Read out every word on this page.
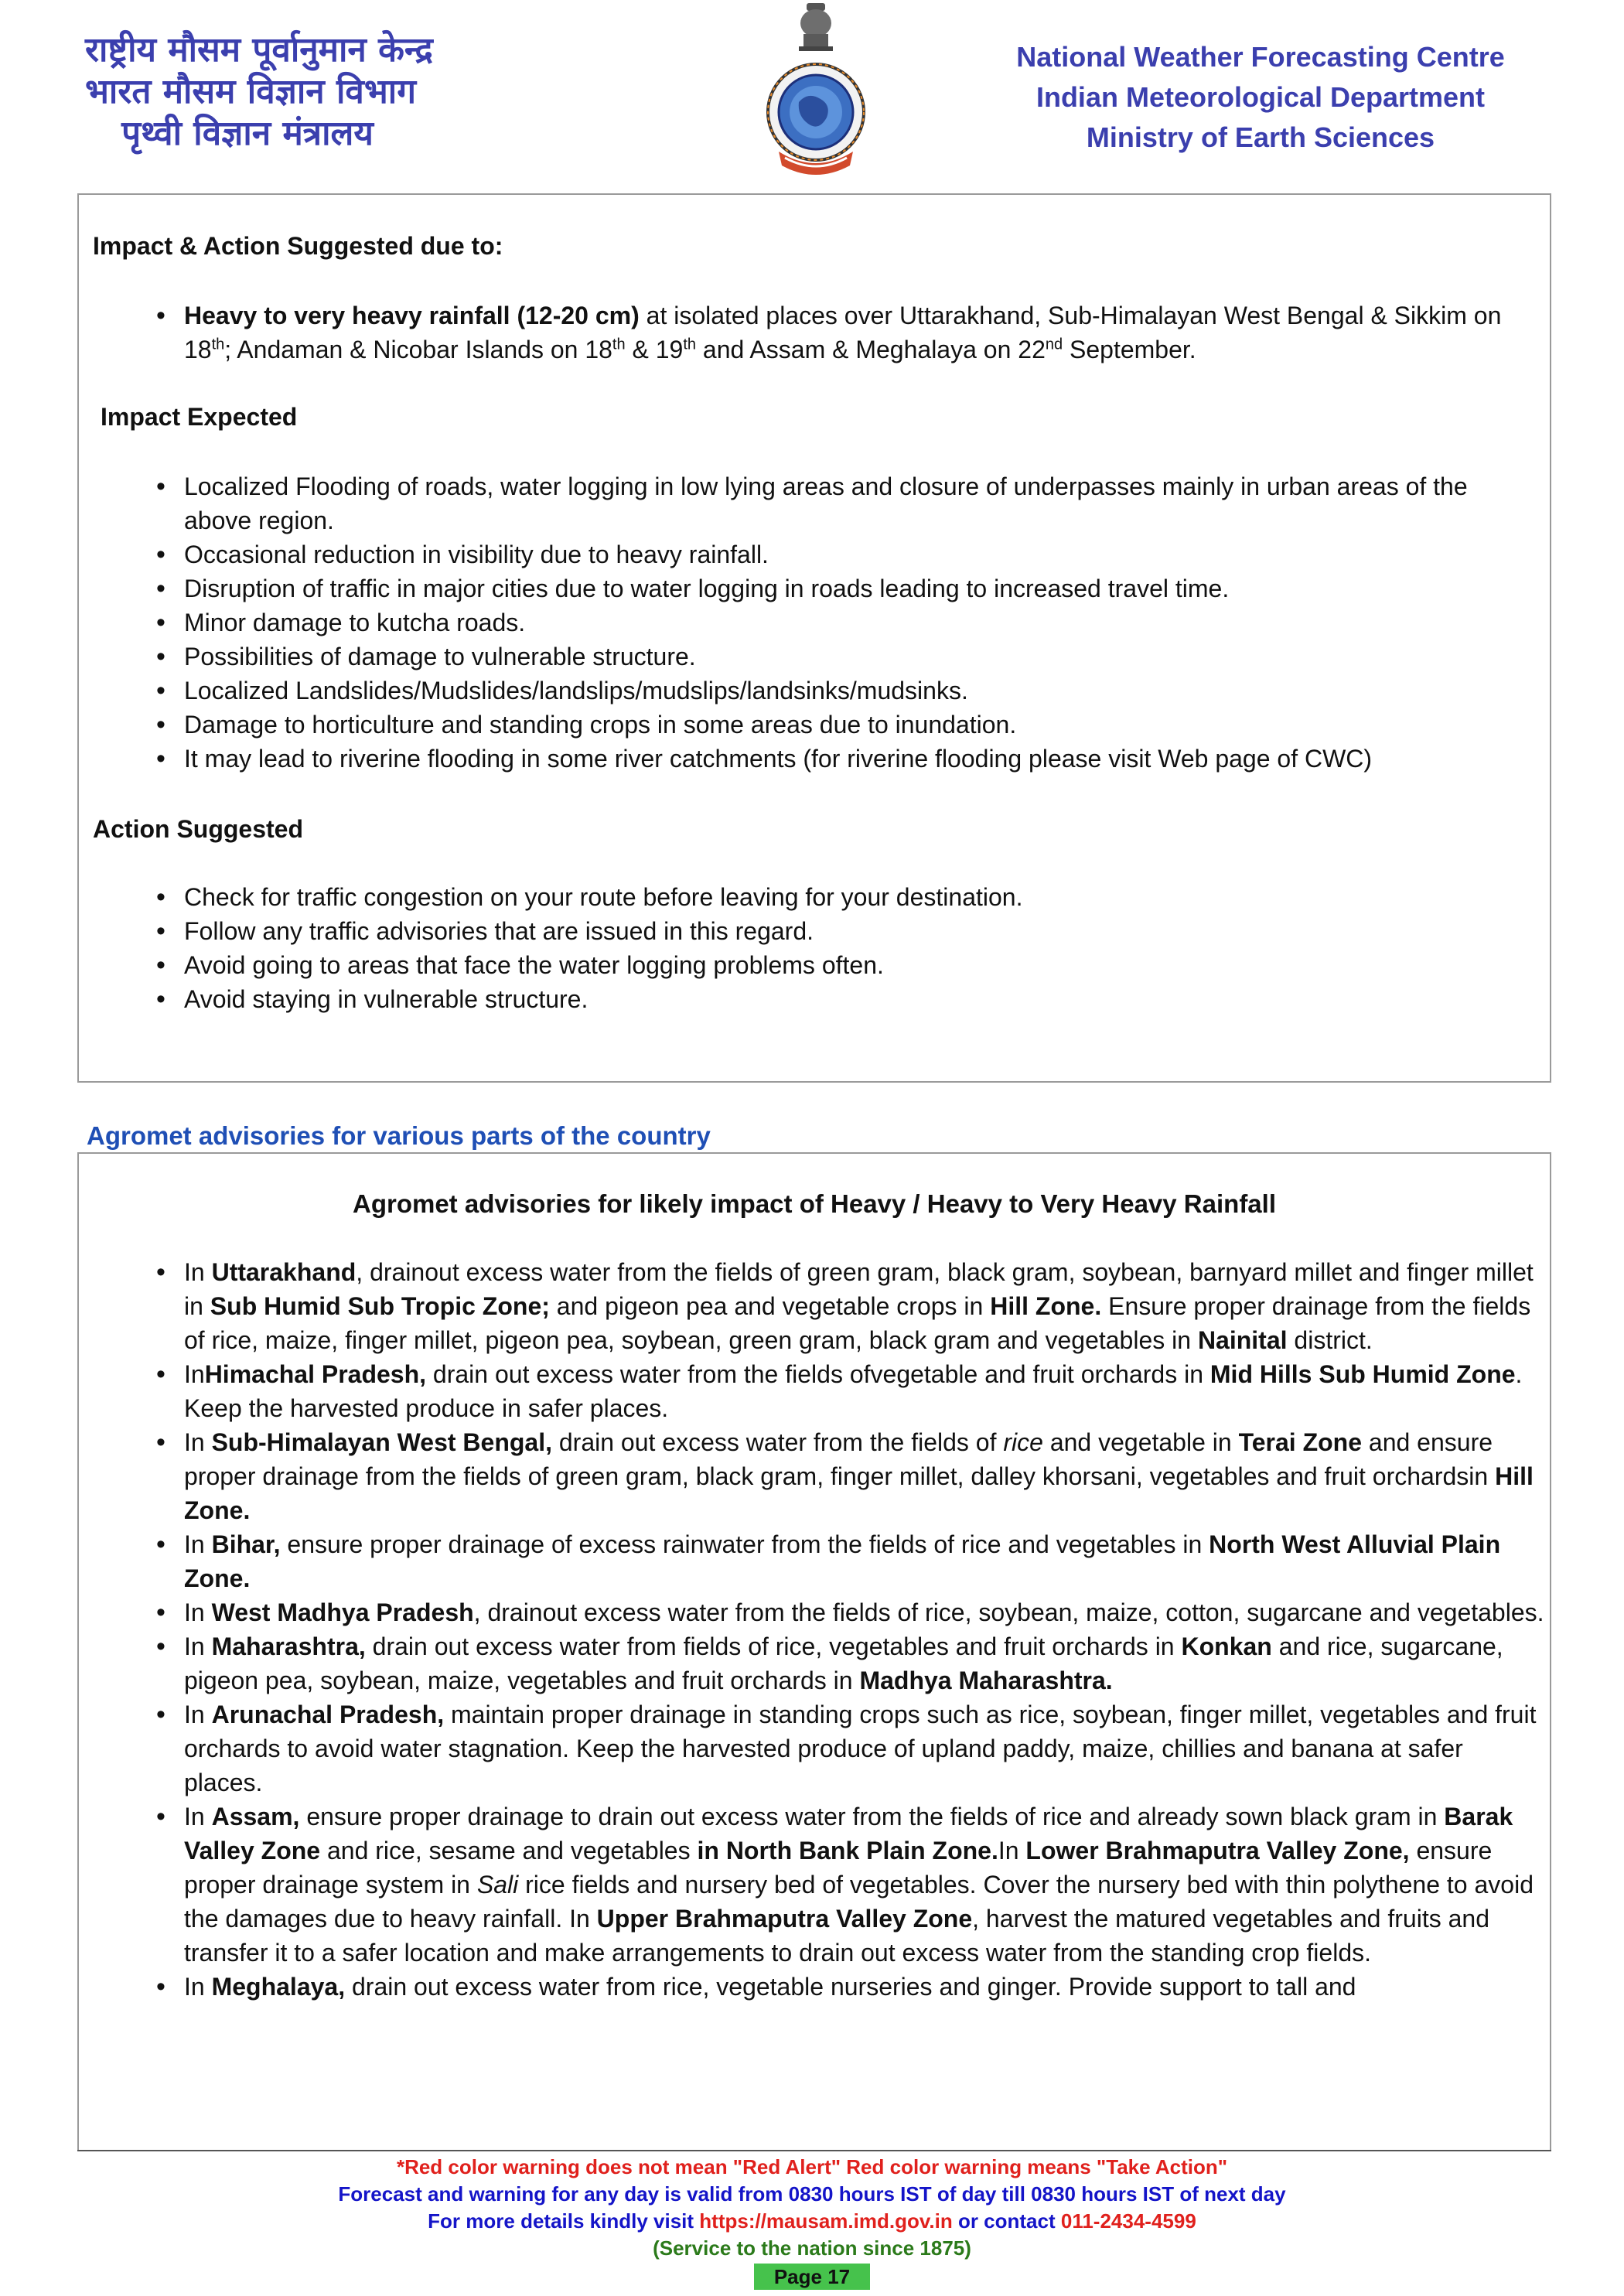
राष्ट्रीय मौसम पूर्वानुमान केन्द्र
भारत मौसम विज्ञान विभाग
पृथ्वी विज्ञान मंत्रालय
National Weather Forecasting Centre
Indian Meteorological Department
Ministry of Earth Sciences
Impact & Action Suggested due to:
• Heavy to very heavy rainfall (12-20 cm) at isolated places over Uttarakhand, Sub-Himalayan West Bengal & Sikkim on 18th; Andaman & Nicobar Islands on 18th & 19th and Assam & Meghalaya on 22nd September.
Impact Expected
• Localized Flooding of roads, water logging in low lying areas and closure of underpasses mainly in urban areas of the above region.
• Occasional reduction in visibility due to heavy rainfall.
• Disruption of traffic in major cities due to water logging in roads leading to increased travel time.
• Minor damage to kutcha roads.
• Possibilities of damage to vulnerable structure.
• Localized Landslides/Mudslides/landslips/mudslips/landsinks/mudsinks.
• Damage to horticulture and standing crops in some areas due to inundation.
• It may lead to riverine flooding in some river catchments (for riverine flooding please visit Web page of CWC)
Action Suggested
• Check for traffic congestion on your route before leaving for your destination.
• Follow any traffic advisories that are issued in this regard.
• Avoid going to areas that face the water logging problems often.
• Avoid staying in vulnerable structure.
Agromet advisories for various parts of the country
Agromet advisories for likely impact of Heavy / Heavy to Very Heavy Rainfall
• In Uttarakhand, drainout excess water from the fields of green gram, black gram, soybean, barnyard millet and finger millet in Sub Humid Sub Tropic Zone; and pigeon pea and vegetable crops in Hill Zone. Ensure proper drainage from the fields of rice, maize, finger millet, pigeon pea, soybean, green gram, black gram and vegetables in Nainital district.
• InHimachal Pradesh, drain out excess water from the fields ofvegetable and fruit orchards in Mid Hills Sub Humid Zone. Keep the harvested produce in safer places.
• In Sub-Himalayan West Bengal, drain out excess water from the fields of rice and vegetable in Terai Zone and ensure proper drainage from the fields of green gram, black gram, finger millet, dalley khorsani, vegetables and fruit orchardsin Hill Zone.
• In Bihar, ensure proper drainage of excess rainwater from the fields of rice and vegetables in North West Alluvial Plain Zone.
• In West Madhya Pradesh, drainout excess water from the fields of rice, soybean, maize, cotton, sugarcane and vegetables.
• In Maharashtra, drain out excess water from fields of rice, vegetables and fruit orchards in Konkan and rice, sugarcane, pigeon pea, soybean, maize, vegetables and fruit orchards in Madhya Maharashtra.
• In Arunachal Pradesh, maintain proper drainage in standing crops such as rice, soybean, finger millet, vegetables and fruit orchards to avoid water stagnation. Keep the harvested produce of upland paddy, maize, chillies and banana at safer places.
• In Assam, ensure proper drainage to drain out excess water from the fields of rice and already sown black gram in Barak Valley Zone and rice, sesame and vegetables in North Bank Plain Zone.In Lower Brahmaputra Valley Zone, ensure proper drainage system in Sali rice fields and nursery bed of vegetables. Cover the nursery bed with thin polythene to avoid the damages due to heavy rainfall. In Upper Brahmaputra Valley Zone, harvest the matured vegetables and fruits and transfer it to a safer location and make arrangements to drain out excess water from the standing crop fields.
• In Meghalaya, drain out excess water from rice, vegetable nurseries and ginger. Provide support to tall and
*Red color warning does not mean "Red Alert" Red color warning means "Take Action"
Forecast and warning for any day is valid from 0830 hours IST of day till 0830 hours IST of next day
For more details kindly visit https://mausam.imd.gov.in or contact 011-2434-4599
(Service to the nation since 1875)
Page 17
